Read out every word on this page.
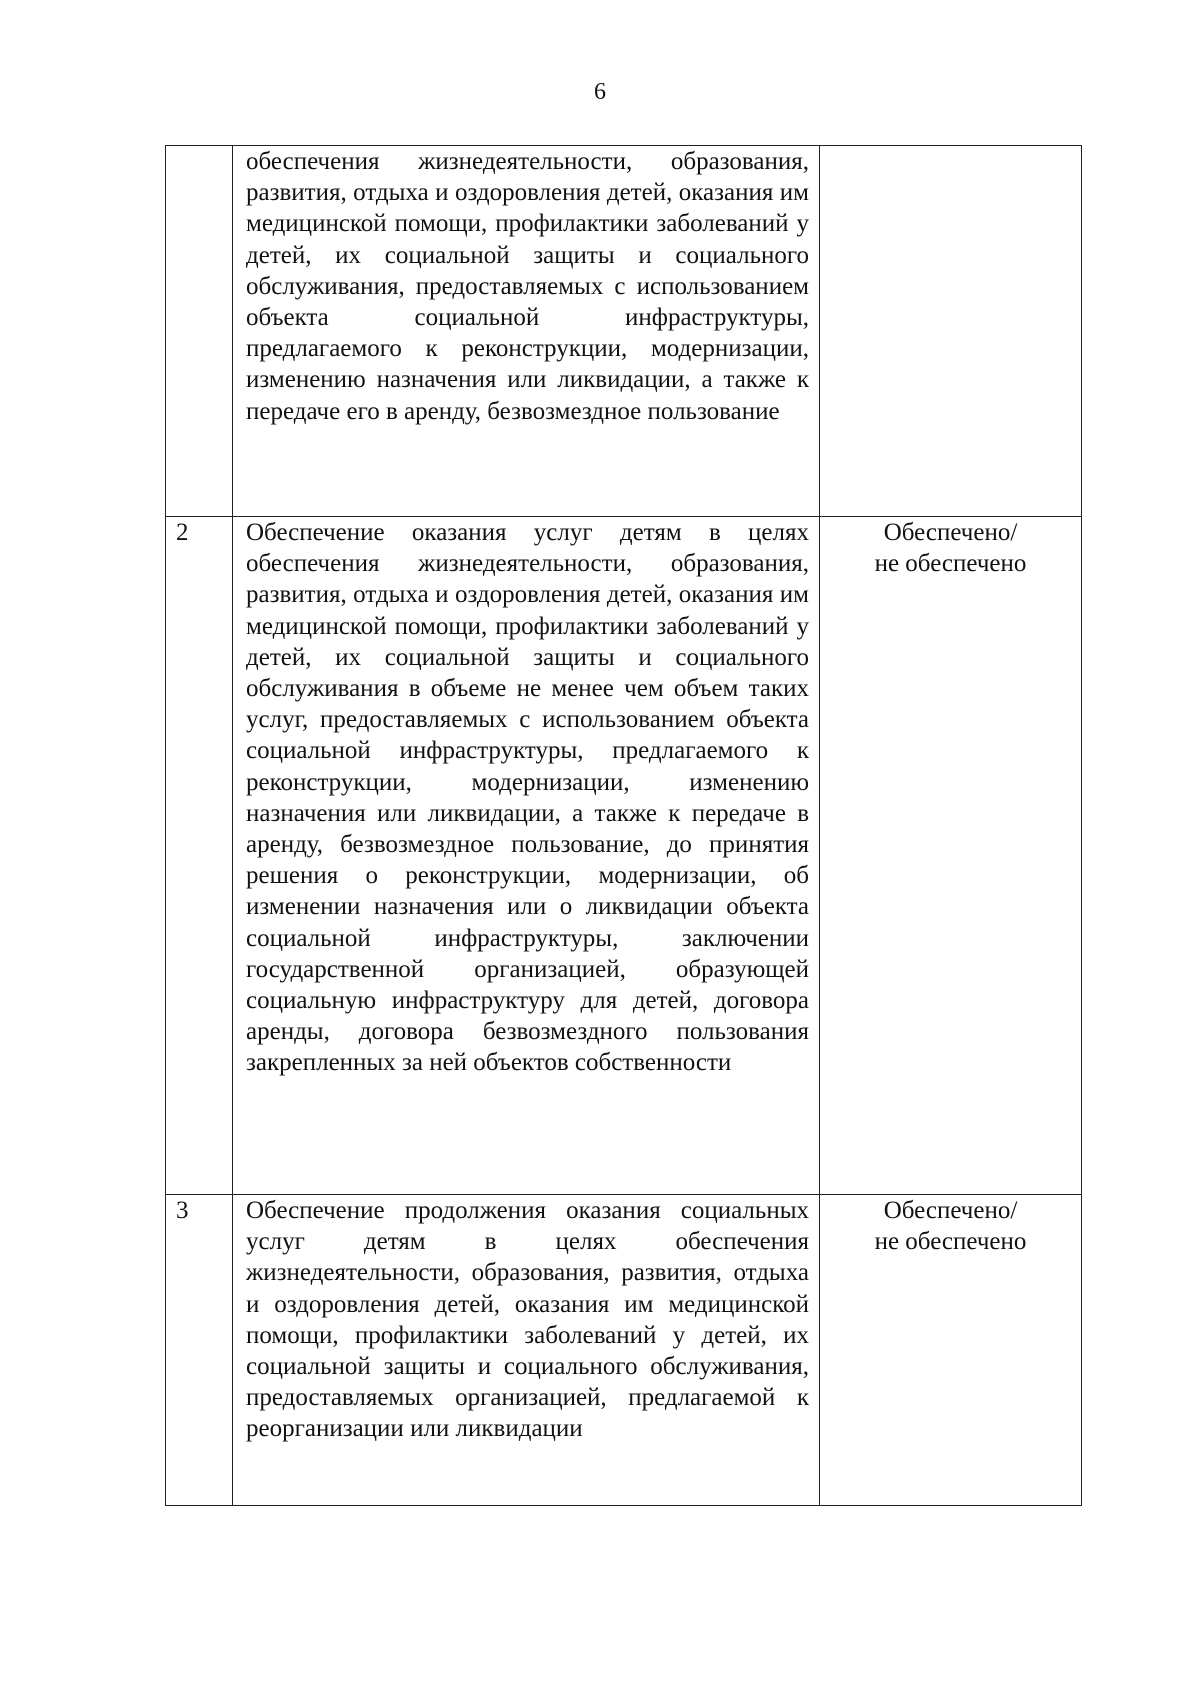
6

	обеспечения жизнедеятельности, образования, развития, отдыха и оздоровления детей, оказания им медицинской помощи, профилактики заболеваний у детей, их социальной защиты и социального обслуживания, предоставляемых с использованием объекта социальной инфраструктуры, предлагаемого к реконструкции, модернизации, изменению назначения или ликвидации, а также к передаче его в аренду, безвозмездное пользование	

2	Обеспечение оказания услуг детям в целях обеспечения жизнедеятельности, образования, развития, отдыха и оздоровления детей, оказания им медицинской помощи, профилактики заболеваний у детей, их социальной защиты и социального обслуживания в объеме не менее чем объем таких услуг, предоставляемых с использованием объекта социальной инфраструктуры, предлагаемого к реконструкции, модернизации, изменению назначения или ликвидации, а также к передаче в аренду, безвозмездное пользование, до принятия решения о реконструкции, модернизации, об изменении назначения или о ликвидации объекта социальной инфраструктуры, заключении государственной организацией, образующей социальную инфраструктуру для детей, договора аренды, договора безвозмездного пользования закрепленных за ней объектов собственности	Обеспечено/
не обеспечено

3	Обеспечение продолжения оказания социальных услуг детям в целях обеспечения жизнедеятельности, образования, развития, отдыха и оздоровления детей, оказания им медицинской помощи, профилактики заболеваний у детей, их социальной защиты и социального обслуживания, предоставляемых организацией, предлагаемой к реорганизации или ликвидации	Обеспечено/
не обеспечено
